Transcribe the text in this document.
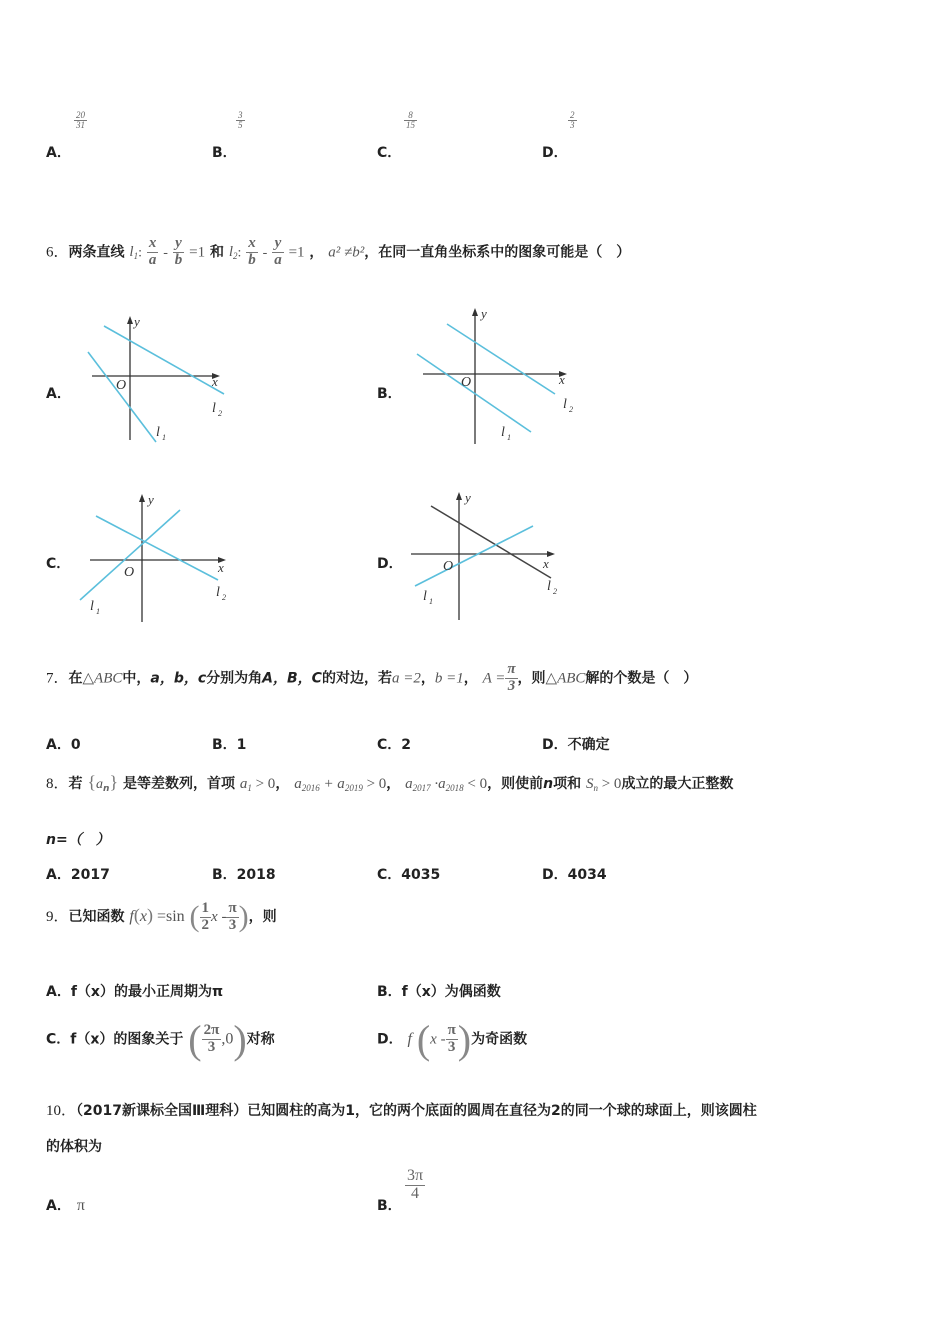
A．
$\frac{20}{31}$
B．
$\frac{3}{5}$
C．
$\frac{8}{15}$
D．
$\frac{2}{3}$
6．两条直线 $l_1$: $\frac{x}{a} - \frac{y}{b} =1$ 和 $l_2$: $\frac{x}{b} - \frac{y}{a} =1$ ， a² ≠b²，在同一直角坐标系中的图象可能是（　）
A．
y
x
O
l 2
l 1
B．
y
x
O
l 2
l 1
C．
y
x
O
l 2
l 1
D．
y
x
O
l 2
l 1
7．在△ABC中，a，b，c分别为角A，B，C的对边，若a =2，b =1， $A = \frac{\pi}{3}$ ，则△ABC解的个数是（　）
A．0	B．1	C．2	D．不确定
8．若 $\{a_n\}$ 是等差数列，首项 $a_1 > 0$， $a_{2016} + a_{2019} > 0$， $a_{2017} \cdot a_{2018} < 0$，则使前n项和 $S_n > 0$成立的最大正整数
n=（　）
A．2017	B．2018	C．4035	D．4034
9．已知函数 f(x) =sin ( $\frac{1}{2}$ x - $\frac{\pi}{3}$ )，则
A．f（x）的最小正周期为π	B．f（x）为偶函数
C．f（x）的图象关于 ( $\frac{2\pi}{3} ,0$)对称	D． f ($x - \frac{\pi}{3}$ )为奇函数
10．（2017新课标全国Ⅲ理科）已知圆柱的高为1，它的两个底面的圆周在直径为2的同一个球的球面上，则该圆柱
的体积为
A． π	B．
$\frac{3\pi}{4}$
